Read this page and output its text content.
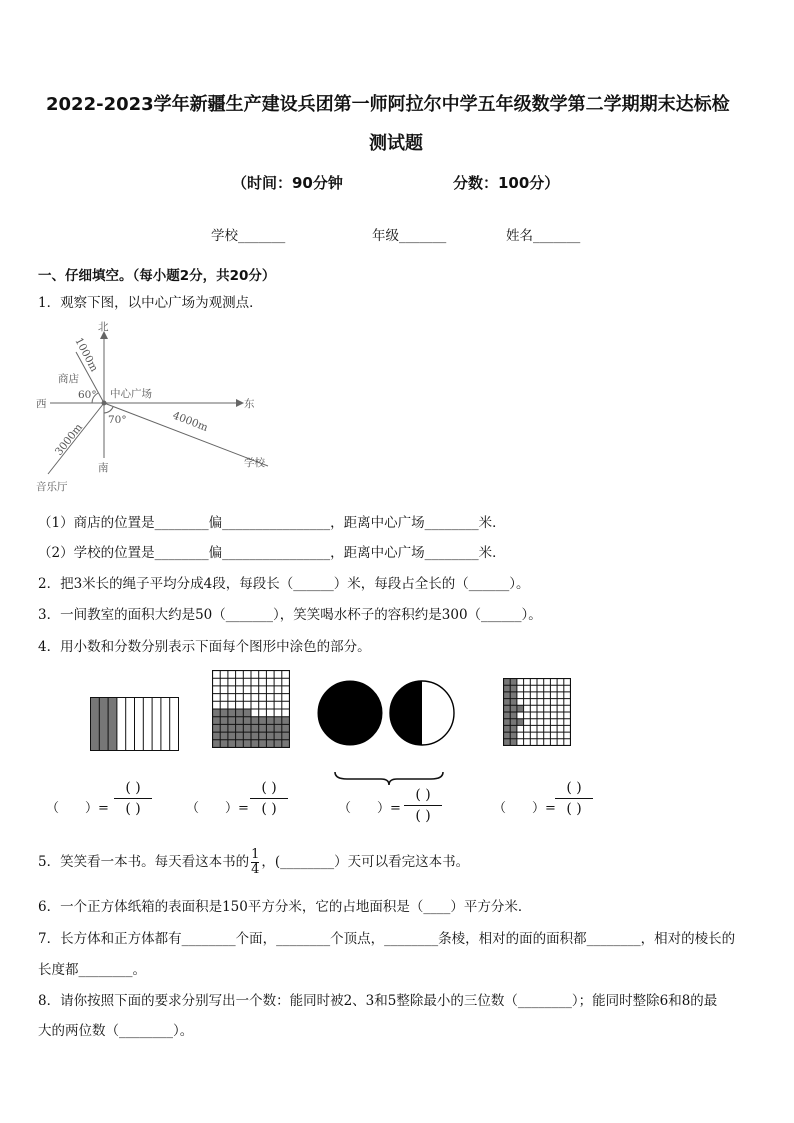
2022-2023学年新疆生产建设兵团第一师阿拉尔中学五年级数学第二学期期末达标检
测试题
（时间：90分钟	分数：100分）
学校_______	年级_______	姓名_______
一、仔细填空。（每小题2分，共20分）
1．观察下图，以中心广场为观测点．
北
南
东
西
中心广场
商店
学校
音乐厅
60°
70°
1000m
4000m
3000m
（1）商店的位置是________偏________________，距离中心广场________米．
（2）学校的位置是________偏________________，距离中心广场________米．
2．把3米长的绳子平均分成4段，每段长（______）米，每段占全长的（______）。
3．一间教室的面积大约是50（_______），笑笑喝水杯子的容积约是300（______）。
4．用小数和分数分别表示下面每个图形中涂色的部分。
（　　）=
( )
( )	（　　）=
( )
( )	（　　）=
( )
( )	（　　）=
( )
( )
5．笑笑看一本书。每天看这本书的 $\frac{1}{4}$ ，(________）天可以看完这本书。
6．一个正方体纸箱的表面积是150平方分米，它的占地面积是（____）平方分米．
7．长方体和正方体都有________个面，________个顶点，________条棱，相对的面的面积都________，相对的棱长的
长度都________。
8．请你按照下面的要求分别写出一个数：能同时被2、3和5整除最小的三位数（________）；能同时整除6和8的最
大的两位数（________）。
